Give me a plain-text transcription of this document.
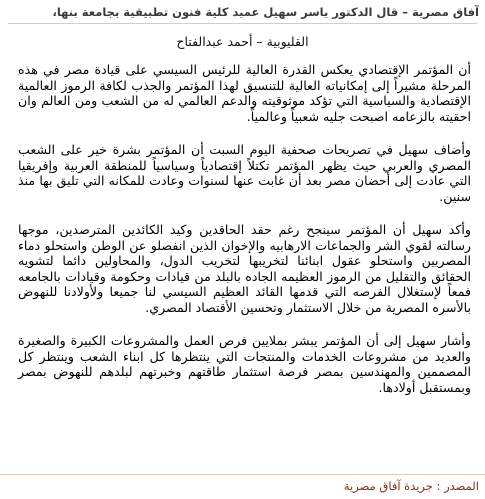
آفاق مصرية – قال الدكتور ياسر سهيل عميد كلية فنون تطبيقية بجامعة بنها،
القليوبية – أحمد عبدالفتاح

أن المؤتمر الإقتصادي يعكس القدرة العالية للرئيس السيسي على قيادة مصر في هذه المرحلة مشيراً إلى إمكانياته العالية للتنسيق لهذا المؤتمر والجذب لكافة الرموز العالمية الإقتصادية والسياسية التي تؤكد موثوقيته والدعم العالمي له من الشعب ومن العالم وان احقيته بالزعامه اصبحت جليه شعبياً وعالمياً.

وأضاف سهيل في تصريحات صحفية اليوم السبت أن المؤتمر بشرة خير على الشعب المصري والعربي حيث يظهر المؤتمر تكتلاً إقتصادياً وسياسياً للمنطقة العربية وإفريقيا التي عادت إلى أحضان مصر بعد أن غابت عنها لسنوات وعادت للمكانه التي تليق بها منذ سنين.

وأكد سهيل أن المؤتمر سينجح رغم حقد الحاقدين وكيد الكائدين المترصدين، موجها رسالته لقوي الشر والجماعات الارهابيه والإخوان الذين انفصلو عن الوطن واستحلو دماء المصريين واستحلو عقول ابنائنا لتخريبها لتخريب الدول، والمحاولين دائما لتشويه الحقائق والتقليل من الرموز العظيمه الجاده بالبلد من قيادات وحكومة وقيادات بالجامعه فمعاً لإستغلال الفرصه التي قدمها القائد العظيم السيسي لنا جميعا ولأولادنا للنهوض بالأسره المصرية من خلال الاستثمار وتحسين الأقتصاد المصري.

وأشار سهيل إلى أن المؤتمر يبشر بملايين فرص العمل والمشروعات الكبيرة والصغيرة والعديد من مشروعات الخدمات والمنتجات التي ينتظرها كل ابناء الشعب وينتظر كل المصممين والمهندسين بمصر فرصة استثمار طاقتهم وخبرتهم لبلدهم للنهوض بمصر وبمستقبل أولادها.

المصدر : جريدة آفاق مصرية
